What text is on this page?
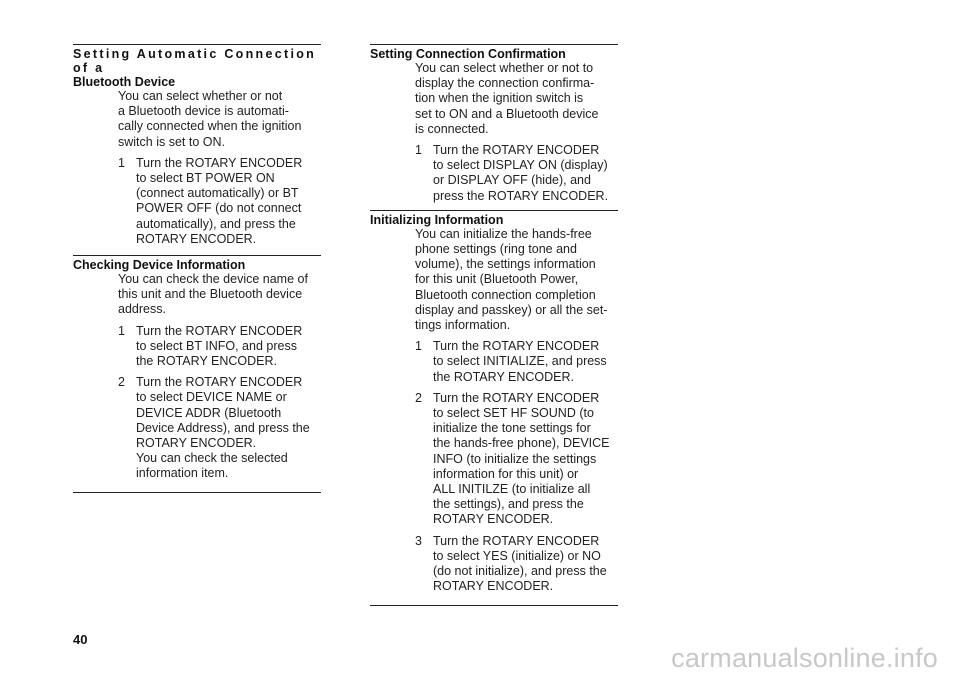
Setting Automatic Connection of a
Bluetooth Device
You can select whether or not
a Bluetooth device is automati-
cally connected when the ignition
switch is set to ON.
1 Turn the ROTARY ENCODER
to select BT POWER ON
(connect automatically) or BT
POWER OFF (do not connect
automatically), and press the
ROTARY ENCODER.
Checking Device Information
You can check the device name of
this unit and the Bluetooth device
address.
1 Turn the ROTARY ENCODER
to select BT INFO, and press
the ROTARY ENCODER.
2 Turn the ROTARY ENCODER
to select DEVICE NAME or
DEVICE ADDR (Bluetooth
Device Address), and press the
ROTARY ENCODER.
You can check the selected
information item.
Setting Connection Confirmation
You can select whether or not to
display the connection confirma-
tion when the ignition switch is
set to ON and a Bluetooth device
is connected.
1 Turn the ROTARY ENCODER
to select DISPLAY ON (display)
or DISPLAY OFF (hide), and
press the ROTARY ENCODER.
Initializing Information
You can initialize the hands-free
phone settings (ring tone and
volume), the settings information
for this unit (Bluetooth Power,
Bluetooth connection completion
display and passkey) or all the set-
tings information.
1 Turn the ROTARY ENCODER
to select INITIALIZE, and press
the ROTARY ENCODER.
2 Turn the ROTARY ENCODER
to select SET HF SOUND (to
initialize the tone settings for
the hands-free phone), DEVICE
INFO (to initialize the settings
information for this unit) or
ALL INITILZE (to initialize all
the settings), and press the
ROTARY ENCODER.
3 Turn the ROTARY ENCODER
to select YES (initialize) or NO
(do not initialize), and press the
ROTARY ENCODER.
40
carmanualsonline.info
